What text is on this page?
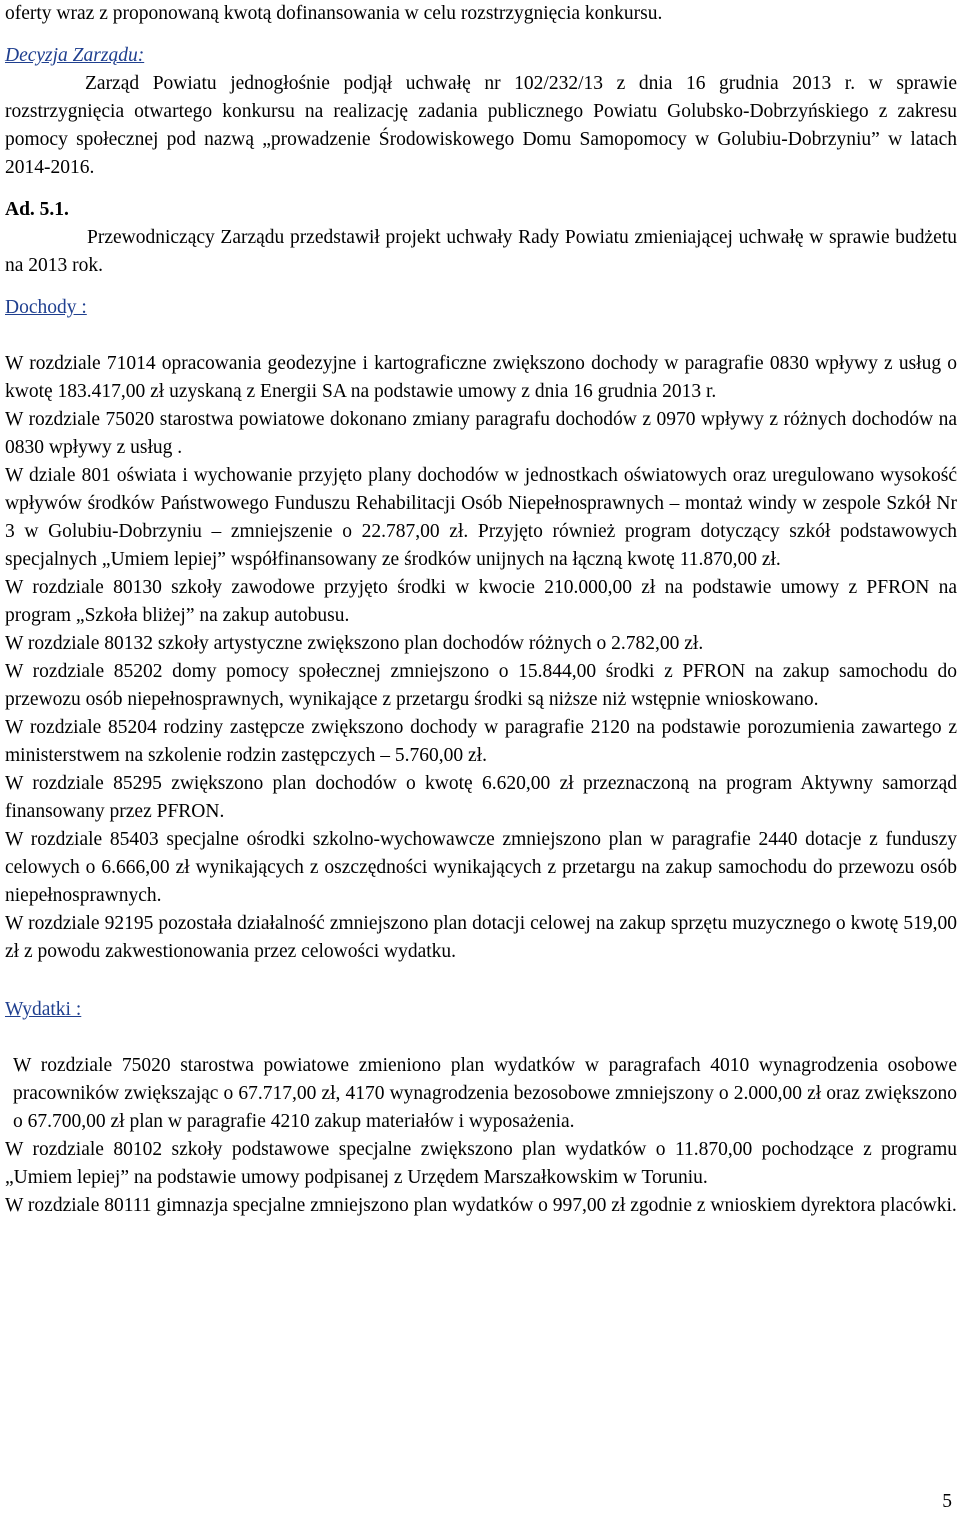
oferty wraz z proponowaną kwotą dofinansowania w celu rozstrzygnięcia konkursu.

Decyzja Zarządu:

Zarząd Powiatu jednogłośnie podjął uchwałę nr 102/232/13 z dnia 16 grudnia 2013 r. w sprawie rozstrzygnięcia otwartego konkursu na realizację zadania publicznego Powiatu Golubsko-Dobrzyńskiego z zakresu pomocy społecznej pod nazwą „prowadzenie Środowiskowego Domu Samopomocy w Golubiu-Dobrzyniu” w latach 2014-2016.

Ad. 5.1.

Przewodniczący Zarządu przedstawił projekt uchwały Rady Powiatu zmieniającej uchwałę w sprawie budżetu na 2013 rok.

Dochody :

W rozdziale 71014 opracowania geodezyjne i kartograficzne zwiększono dochody w paragrafie 0830 wpływy z usług o kwotę 183.417,00 zł uzyskaną z Energii SA na podstawie umowy z dnia 16 grudnia 2013 r.

W rozdziale 75020 starostwa powiatowe dokonano zmiany paragrafu dochodów z 0970 wpływy z różnych dochodów na 0830 wpływy z usług .

W dziale 801 oświata i wychowanie przyjęto plany dochodów w jednostkach oświatowych oraz uregulowano wysokość wpływów środków Państwowego Funduszu Rehabilitacji Osób Niepełnosprawnych – montaż windy w zespole Szkół Nr 3 w Golubiu-Dobrzyniu – zmniejszenie o 22.787,00 zł. Przyjęto również program dotyczący szkół podstawowych specjalnych „Umiem lepiej” współfinansowany ze środków unijnych na łączną kwotę 11.870,00 zł.

W rozdziale 80130 szkoły zawodowe przyjęto środki w kwocie 210.000,00 zł na podstawie umowy z PFRON na program „Szkoła bliżej” na zakup autobusu.

W rozdziale 80132 szkoły artystyczne zwiększono plan dochodów różnych o 2.782,00 zł.

W rozdziale 85202 domy pomocy społecznej zmniejszono o 15.844,00 środki z PFRON na zakup samochodu do przewozu osób niepełnosprawnych, wynikające z przetargu środki są niższe niż wstępnie wnioskowano.

W rozdziale 85204 rodziny zastępcze zwiększono dochody w paragrafie 2120 na podstawie porozumienia zawartego z ministerstwem na szkolenie rodzin zastępczych – 5.760,00 zł.

W rozdziale 85295 zwiększono plan dochodów o kwotę 6.620,00 zł przeznaczoną na program Aktywny samorząd finansowany przez PFRON.

W rozdziale 85403 specjalne ośrodki szkolno-wychowawcze zmniejszono plan w paragrafie 2440 dotacje z funduszy celowych o 6.666,00 zł wynikających z oszczędności wynikających z przetargu na zakup samochodu do przewozu osób niepełnosprawnych.

W rozdziale 92195 pozostała działalność zmniejszono plan dotacji celowej na zakup sprzętu muzycznego o kwotę 519,00 zł z powodu zakwestionowania przez celowości wydatku.

Wydatki :

W rozdziale 75020 starostwa powiatowe zmieniono plan wydatków w paragrafach 4010 wynagrodzenia osobowe pracowników zwiększając o 67.717,00 zł, 4170 wynagrodzenia bezosobowe zmniejszony o 2.000,00 zł oraz zwiększono o 67.700,00 zł plan w paragrafie 4210 zakup materiałów i wyposażenia.

W rozdziale 80102 szkoły podstawowe specjalne zwiększono plan wydatków o 11.870,00 pochodzące z programu „Umiem lepiej” na podstawie umowy podpisanej z Urzędem Marszałkowskim w Toruniu.

W rozdziale 80111 gimnazja specjalne zmniejszono plan wydatków o 997,00 zł zgodnie z wnioskiem dyrektora placówki.

5
